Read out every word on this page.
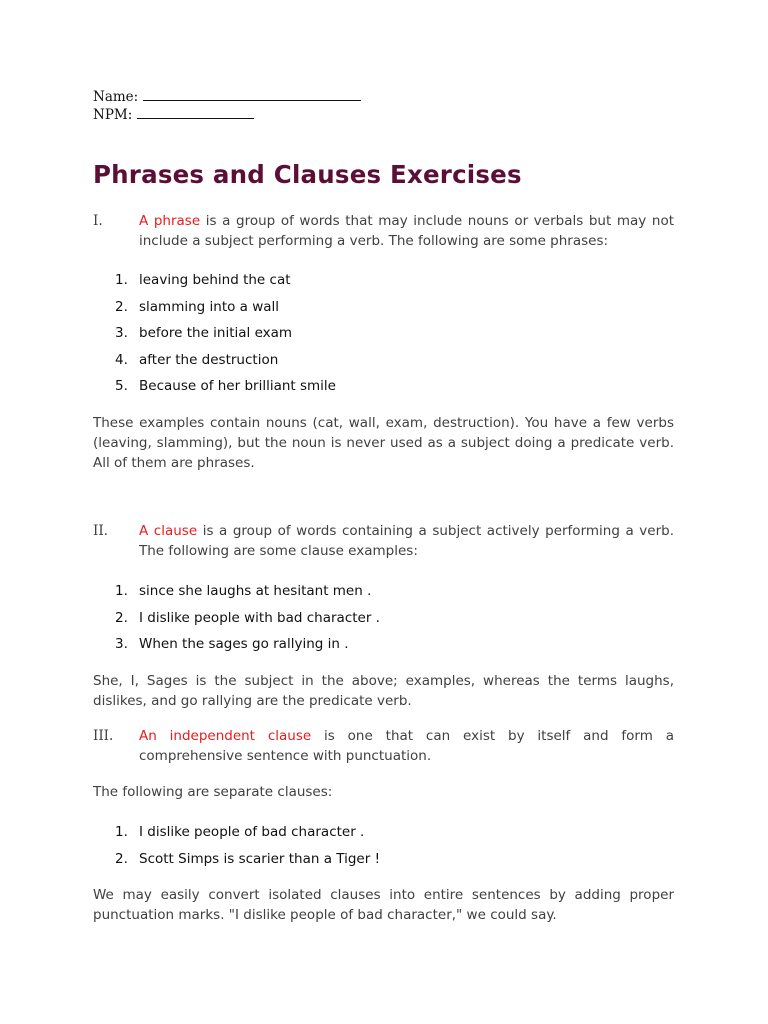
Name:
NPM:
Phrases and Clauses Exercises
I.	A phrase is a group of words that may include nouns or verbals but may not include a subject performing a verb. The following are some phrases:
1. leaving behind the cat
2. slamming into a wall
3. before the initial exam
4. after the destruction
5. Because of her brilliant smile
These examples contain nouns (cat, wall, exam, destruction). You have a few verbs (leaving, slamming), but the noun is never used as a subject doing a predicate verb. All of them are phrases.
II. A clause is a group of words containing a subject actively performing a verb. The following are some clause examples:
1. since she laughs at hesitant men .
2. I dislike people with bad character .
3. When the sages go rallying in .
She, I, Sages is the subject in the above; examples, whereas the terms laughs, dislikes, and go rallying are the predicate verb.
III. An independent clause is one that can exist by itself and form a comprehensive sentence with punctuation.
The following are separate clauses:
1. I dislike people of bad character .
2. Scott Simps is scarier than a Tiger !
We may easily convert isolated clauses into entire sentences by adding proper punctuation marks. "I dislike people of bad character," we could say.
